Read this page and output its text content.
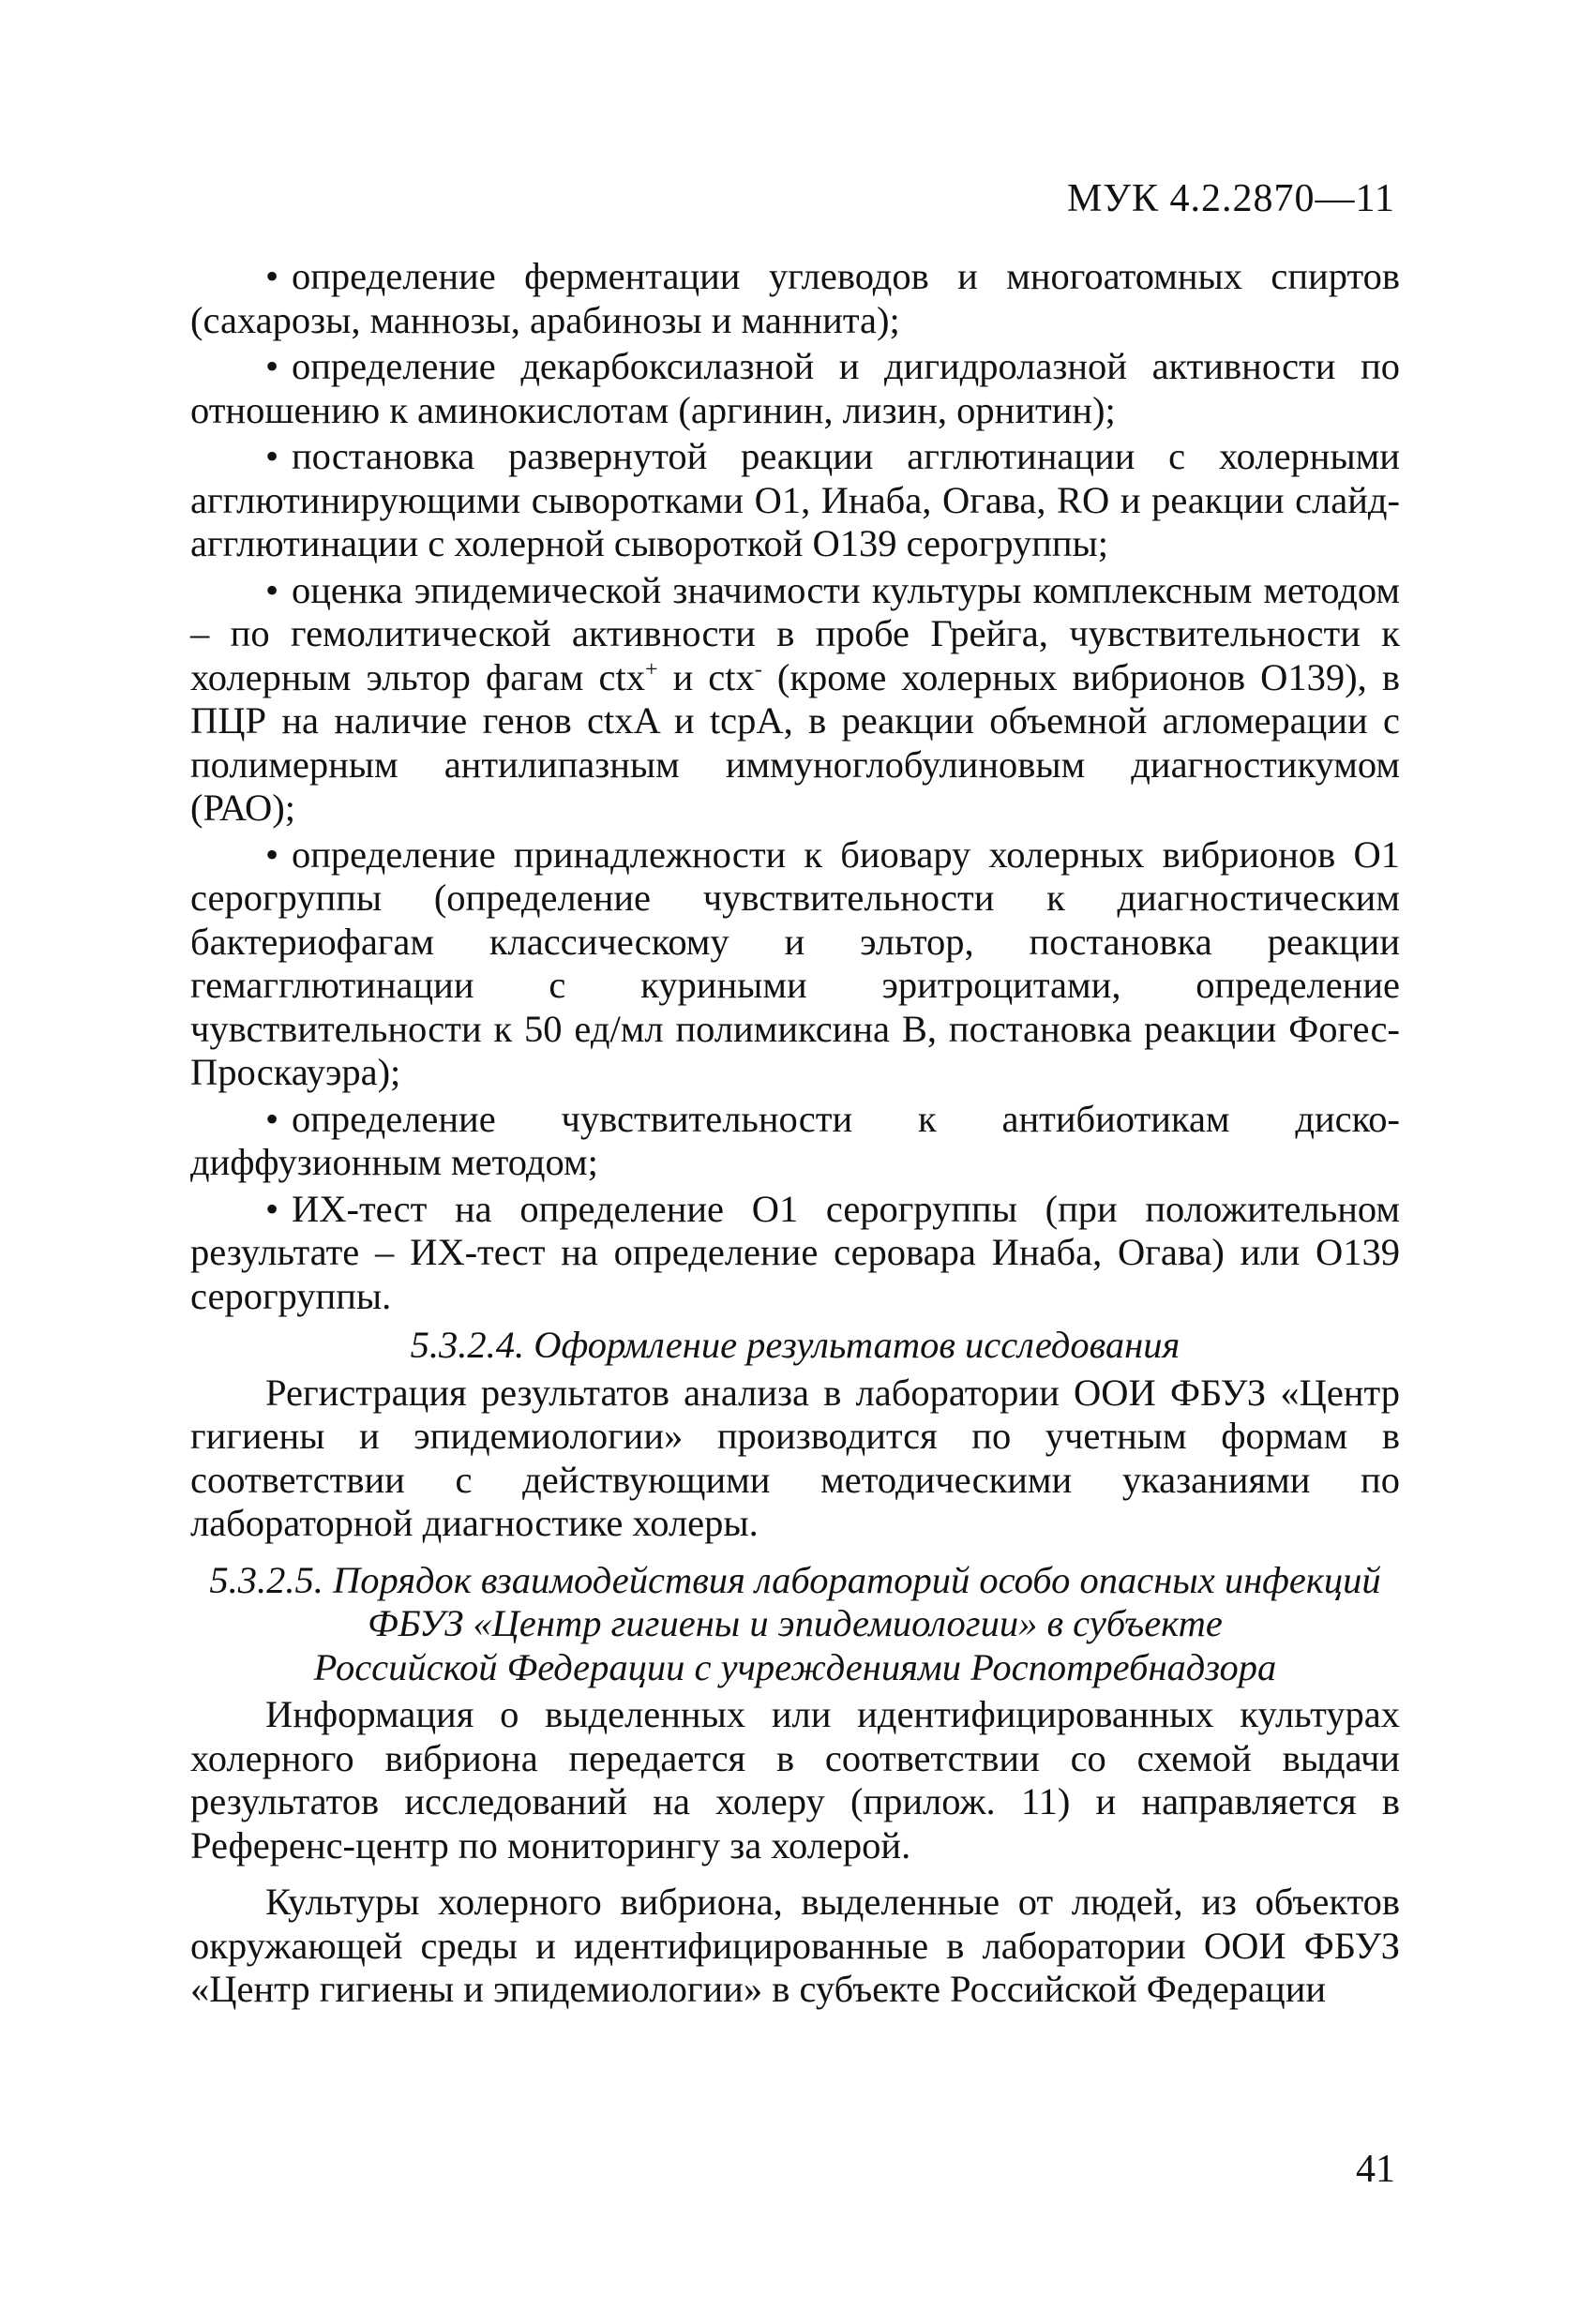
МУК 4.2.2870—11

• определение ферментации углеводов и многоатомных спиртов (сахарозы, маннозы, арабинозы и маннита);

• определение декарбоксилазной и дигидролазной активности по отношению к аминокислотам (аргинин, лизин, орнитин);

• постановка развернутой реакции агглютинации с холерными агглютинирующими сыворотками О1, Инаба, Огава, RO и реакции слайд-агглютинации с холерной сывороткой О139 серогруппы;

• оценка эпидемической значимости культуры комплексным методом – по гемолитической активности в пробе Грейга, чувствительности к холерным эльтор фагам ctx+ и ctx- (кроме холерных вибрионов О139), в ПЦР на наличие генов ctxA и tcpA, в реакции объемной агломерации с полимерным антилипазным иммуноглобулиновым диагностикумом (РАО);

• определение принадлежности к биовару холерных вибрионов О1 серогруппы (определение чувствительности к диагностическим бактериофагам классическому и эльтор, постановка реакции гемагглютинации с куриными эритроцитами, определение чувствительности к 50 ед/мл полимиксина В, постановка реакции Фогес-Проскауэра);

• определение чувствительности к антибиотикам диско-диффузионным методом;

• ИХ-тест на определение О1 серогруппы (при положительном результате – ИХ-тест на определение серовара Инаба, Огава) или О139 серогруппы.

5.3.2.4. Оформление результатов исследования

Регистрация результатов анализа в лаборатории ООИ ФБУЗ «Центр гигиены и эпидемиологии» производится по учетным формам в соответствии с действующими методическими указаниями по лабораторной диагностике холеры.

5.3.2.5. Порядок взаимодействия лабораторий особо опасных инфекций
ФБУЗ «Центр гигиены и эпидемиологии» в субъекте
Российской Федерации с учреждениями Роспотребнадзора

Информация о выделенных или идентифицированных культурах холерного вибриона передается в соответствии со схемой выдачи результатов исследований на холеру (прилож. 11) и направляется в Референс-центр по мониторингу за холерой.

Культуры холерного вибриона, выделенные от людей, из объектов окружающей среды и идентифицированные в лаборатории ООИ ФБУЗ «Центр гигиены и эпидемиологии» в субъекте Российской Федерации

41
